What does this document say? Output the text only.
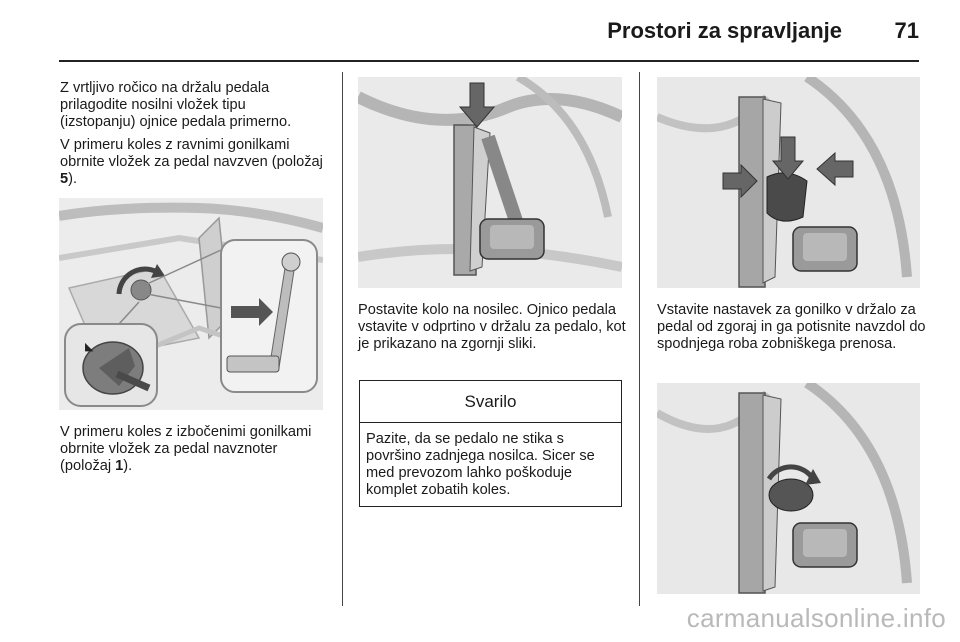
Prostori za spravljanje 71
Z vrtljivo ročico na držalu pedala prilagodite nosilni vložek tipu (izstopanju) ojnice pedala primerno.
V primeru koles z ravnimi gonilkami obrnite vložek za pedal navzven (položaj 5).
◣
V primeru koles z izbočenimi gonilkami obrnite vložek za pedal navznoter (položaj 1).
Postavite kolo na nosilec. Ojnico pedala vstavite v odprtino v držalu za pedalo, kot je prikazano na zgornji sliki.
Svarilo
Pazite, da se pedalo ne stika s površino zadnjega nosilca. Sicer se med prevozom lahko poškoduje komplet zobatih koles.
Vstavite nastavek za gonilko v držalo za pedal od zgoraj in ga potisnite navzdol do spodnjega roba zobniškega prenosa.
carmanualsonline.info
